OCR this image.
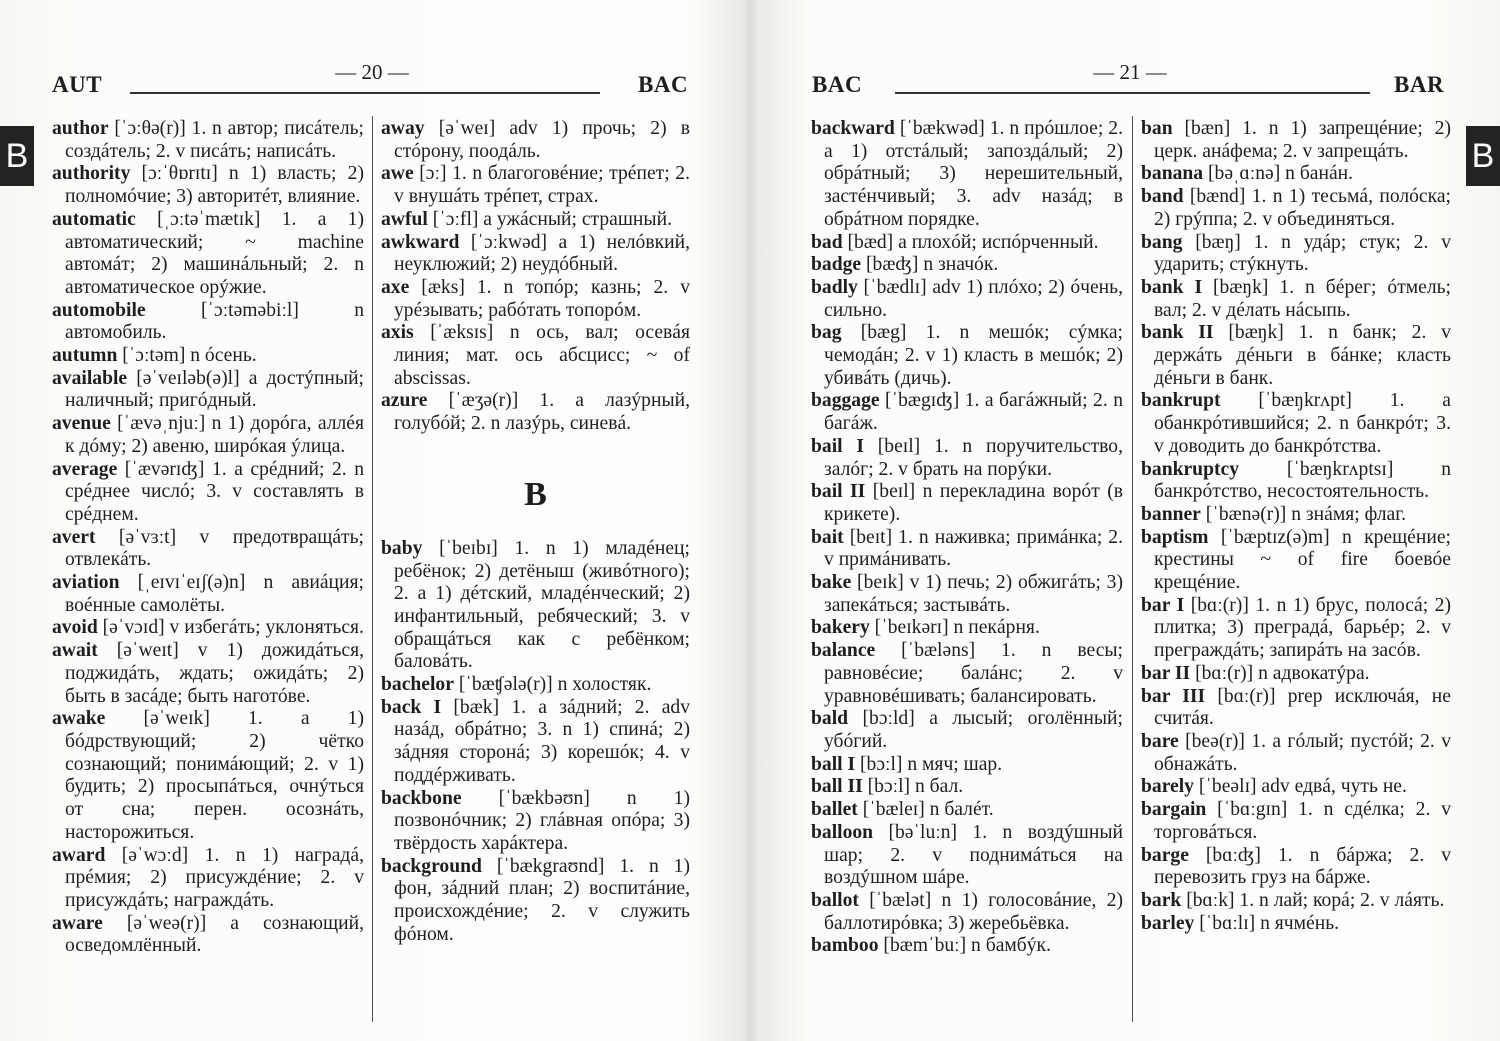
AUT	— 20 —	BAC
B

author [ˈɔːθə(r)] 1. n автор; писáтель; создáтель; 2. v писáть; написáть.

authority [ɔːˈθɒrɪtɪ] n 1) власть; 2) полномóчие; 3) авторитéт, влияние.

automatic [ˌɔːtəˈmætɪk] 1. a 1) автоматический; ~ machine автомáт; 2) машинáльный; 2. n автоматическое орýжие.

automobile [ˈɔːtəməbiːl] n автомобиль.

autumn [ˈɔːtəm] n óсень.

available [əˈveɪləb(ə)l] a достýпный; наличный; пригóдный.

avenue [ˈævəˌnjuː] n 1) дорóга, аллéя к дóму; 2) авеню, ширóкая ýлица.

average [ˈævərɪʤ] 1. a срéдний; 2. n срéднее числó; 3. v составлять в срéднем.

avert [əˈvɜːt] v предотвращáть; отвлекáть.

aviation [ˌeɪvɪˈeɪʃ(ə)n] n авиáция; воéнные самолёты.

avoid [əˈvɔɪd] v избегáть; уклоняться.

await [əˈweɪt] v 1) дожидáться, поджидáть, ждать; ожидáть; 2) быть в засáде; быть наготóве.

awake [əˈweɪk] 1. a 1) бóдрствующий; 2) чётко сознающий; понимáющий; 2. v 1) будить; 2) просыпáться, очнýться от сна; перен. осознáть, насторожиться.

award [əˈwɔːd] 1. n 1) наградá, прéмия; 2) присуждéние; 2. v присуждáть; награждáть.

aware [əˈweə(r)] a сознающий, осведомлённый.

away [əˈweɪ] adv 1) прочь; 2) в стóрону, поодáль.

awe [ɔː] 1. n благоговéние; трéпет; 2. v внушáть трéпет, страх.

awful [ˈɔːfl] a ужáсный; страшный.

awkward [ˈɔːkwəd] a 1) нелóвкий, неуклюжий; 2) неудóбный.

axe [æks] 1. n топóр; казнь; 2. v урéзывать; рабóтать топорóм.

axis [ˈæksɪs] n ось, вал; осевáя линия; мат. ось абсцисс; ~ of abscissas.

azure [ˈæʒə(r)] 1. a лазýрный, голубóй; 2. n лазýрь, синевá.

B

baby [ˈbeɪbɪ] 1. n 1) младéнец; ребёнок; 2) детёныш (живóтного); 2. a 1) дéтский, младéнческий; 2) инфантильный, ребяческий; 3. v обращáться как с ребёнком; баловáть.

bachelor [ˈbæʧələ(r)] n холостяк.

back I [bæk] 1. a зáдний; 2. adv назáд, обрáтно; 3. n 1) спинá; 2) зáдняя сторонá; 3) корешóк; 4. v поддéрживать.

backbone [ˈbækbəʊn] n 1) позвонóчник; 2) глáвная опóра; 3) твёрдость харáктера.

background [ˈbækgraʊnd] 1. n 1) фон, зáдний план; 2) воспитáние, происхождéние; 2. v служить фóном.

BAC	— 21 —	BAR
B

backward [ˈbækwəd] 1. n прóшлое; 2. a 1) отстáлый; запоздáлый; 2) обрáтный; 3) нерешительный, застéнчивый; 3. adv назáд; в обрáтном порядке.

bad [bæd] a плохóй; испóрченный.

badge [bæʤ] n значóк.

badly [ˈbædlɪ] adv 1) плóхо; 2) óчень, сильно.

bag [bæg] 1. n мешóк; сýмка; чемодáн; 2. v 1) класть в мешóк; 2) убивáть (дичь).

baggage [ˈbægɪʤ] 1. a багáжный; 2. n багáж.

bail I [beɪl] 1. n поручительство, залóг; 2. v брать на порýки.

bail II [beɪl] n перекладина ворóт (в крикете).

bait [beɪt] 1. n наживка; примáнка; 2. v примáнивать.

bake [beɪk] v 1) печь; 2) обжигáть; 3) запекáться; застывáть.

bakery [ˈbeɪkərɪ] n пекáрня.

balance [ˈbæləns] 1. n весы; равновéсие; балáнс; 2. v уравновéшивать; балансировать.

bald [bɔːld] a лысый; оголённый; убóгий.

ball I [bɔːl] n мяч; шар.

ball II [bɔːl] n бал.

ballet [ˈbæleɪ] n балéт.

balloon [bəˈluːn] 1. n воздýшный шар; 2. v поднимáться на воздýшном шáре.

ballot [ˈbælət] n 1) голосовáние, 2) баллотирóвка; 3) жеребьёвка.

bamboo [bæmˈbuː] n бамбýк.

ban [bæn] 1. n 1) запрещéние; 2) церк. анáфема; 2. v запрещáть.

banana [bəˌɑːnə] n банáн.

band [bænd] 1. n 1) тесьмá, полóска; 2) грýппа; 2. v объединяться.

bang [bæŋ] 1. n удáр; стук; 2. v ударить; стýкнуть.

bank I [bæŋk] 1. n бéрег; óтмель; вал; 2. v дéлать нáсыпь.

bank II [bæŋk] 1. n банк; 2. v держáть дéньги в бáнке; класть дéньги в банк.

bankrupt [ˈbæŋkrʌpt] 1. a обанкрóтившийся; 2. n банкрóт; 3. v доводить до банкрóтства.

bankruptcy [ˈbæŋkrʌptsɪ] n банкрóтство, несостоятельность.

banner [ˈbænə(r)] n знáмя; флаг.

baptism [ˈbæptɪz(ə)m] n крещéние; крестины ~ of fire боевóе крещéние.

bar I [bɑː(r)] 1. n 1) брус, полосá; 2) плитка; 3) преградá, барьéр; 2. v преграждáть; запирáть на засóв.

bar II [bɑː(r)] n адвокатýра.

bar III [bɑː(r)] prep исключáя, не считáя.

bare [beə(r)] 1. a гóлый; пустóй; 2. v обнажáть.

barely [ˈbeəlɪ] adv едвá, чуть не.

bargain [ˈbɑːgɪn] 1. n сдéлка; 2. v торговáться.

barge [bɑːʤ] 1. n бáржа; 2. v перевозить груз на бáрже.

bark [bɑːk] 1. n лай; корá; 2. v лáять.

barley [ˈbɑːlɪ] n ячмéнь.
